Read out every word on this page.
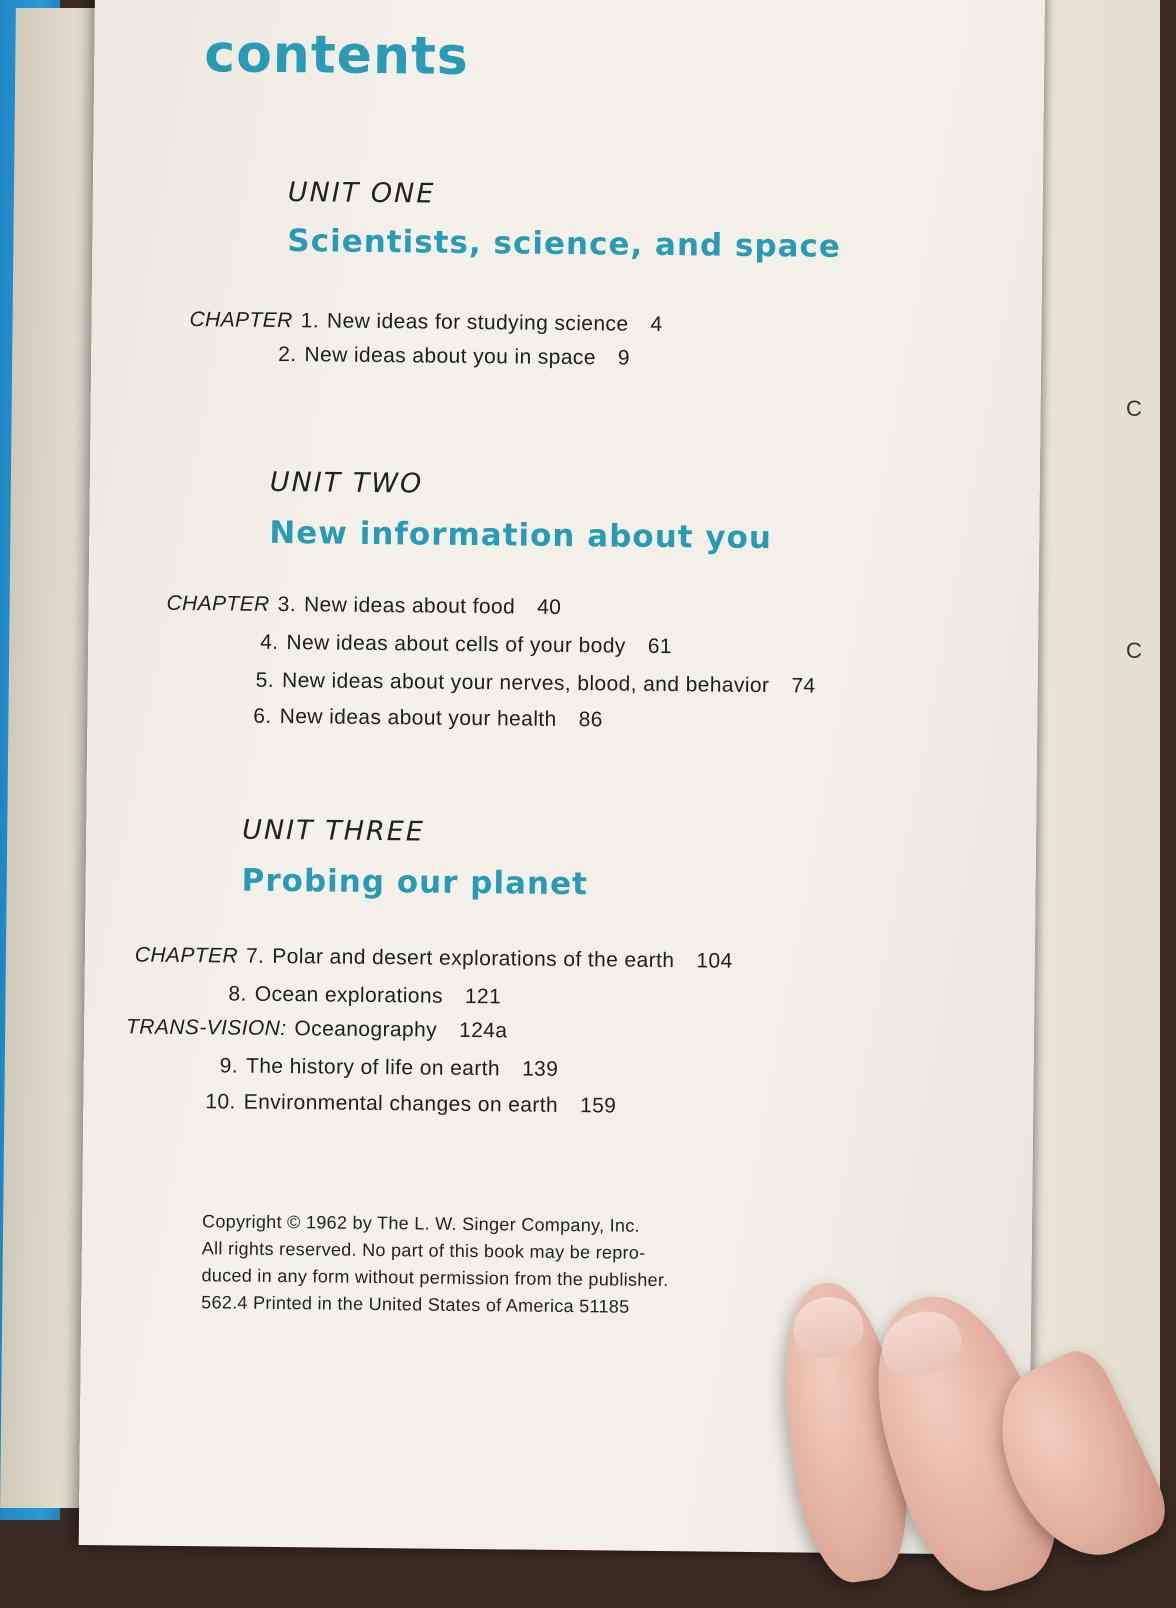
C
C
contents
UNIT ONE
Scientists, science, and space
CHAPTER 1. New ideas for studying science 4
2. New ideas about you in space 9
UNIT TWO
New information about you
CHAPTER 3. New ideas about food 40
4. New ideas about cells of your body 61
5. New ideas about your nerves, blood, and behavior 74
6. New ideas about your health 86
UNIT THREE
Probing our planet
CHAPTER 7. Polar and desert explorations of the earth 104
8. Ocean explorations 121
TRANS-VISION: Oceanography 124a
9. The history of life on earth 139
10. Environmental changes on earth 159
Copyright © 1962 by The L. W. Singer Company, Inc.
All rights reserved. No part of this book may be repro-
duced in any form without permission from the publisher.
562.4 Printed in the United States of America 51185
